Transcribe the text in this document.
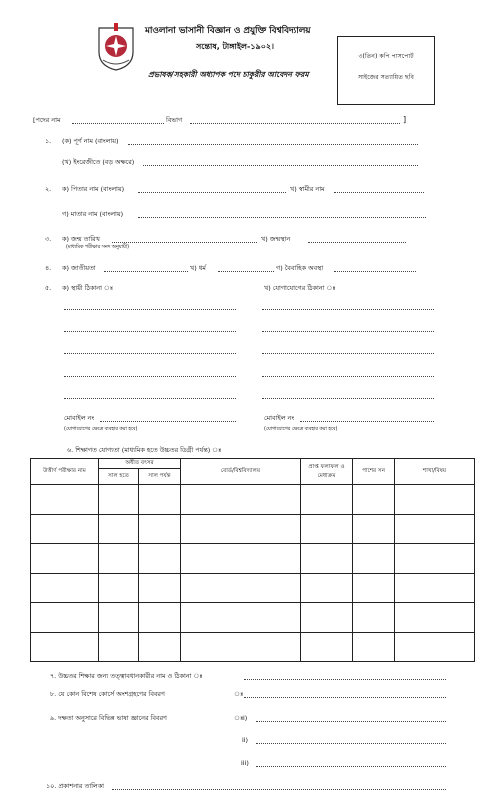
মাওলানা ভাসানী বিজ্ঞান ও প্রযুক্তি বিশ্ববিদ্যালয়
সন্তোষ, টাঙ্গাইল-১৯০২।
প্রভাষক/সহকারী অধ্যাপক পদে চাকুরীর আবেদন ফরম
৩(তিন) কপি পাসপোর্ট
সাইজের সত্যায়িত ছবি
[পদের নাম	বিভাগ	]
১. (ক) পূর্ণ নাম (বাংলায়)
(খ) ইংরেজীতে (বড় অক্ষরে)
২. ক) পিতার নাম (বাংলায়)	খ) স্বামীর নাম
গ) মাতার নাম (বাংলায়)
৩. ক) জন্ম তারিখ
(মাধ্যমিক পরীক্ষার সনদ অনুযায়ী)
খ) জন্মস্থান
৪. ক) জাতীয়তা	খ) ধর্ম	গ) বৈবাহিক অবস্থা
৫. ক) স্থায়ী ঠিকানা ঃ	খ) যোগাযোগের ঠিকানা ঃ
মোবাইল নং
(যোগাযোগের ক্ষেত্রে ব্যবহার করা হবে)
মোবাইল নং
(যোগাযোগের ক্ষেত্রে ব্যবহার করা হবে)
৬. শিক্ষাগত যোগ্যতা (মাধ্যমিক হতে উচ্চতর ডিগ্রী পর্যন্ত) ঃ
উত্তীর্ণ পরীক্ষার নাম	অধীত বৎসর		বোর্ড/বিশ্ববিদ্যালয়	প্রাপ্ত ফলাফল ও মেধাক্রম	পাশের সন	শাখা/বিষয়
	সাল হতে	সাল পর্যন্ত				

৭. উচ্চতর শিক্ষার জন্য তত্ত্বাবধানকারীর নাম ও ঠিকানা ঃ
৮. যে কোন বিশেষ কোর্সে অংশগ্রহণের বিবরণ	ঃ
৯. দক্ষতা অনুসারে বিভিন্ন ভাষা জ্ঞানের বিবরণ	ঃ i)
ii)
iii)
১০. প্রকাশনার তালিকা
